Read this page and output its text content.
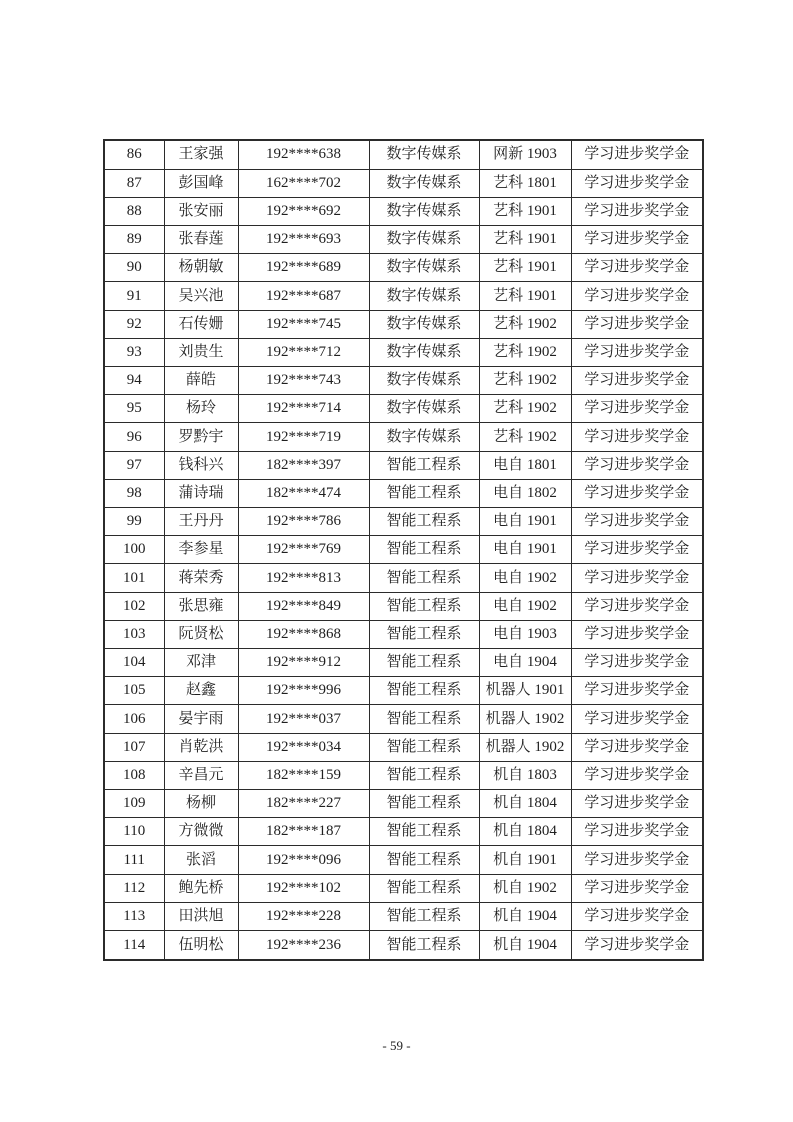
86	王家强	192****638	数字传媒系	网新 1903	学习进步奖学金
87	彭国峰	162****702	数字传媒系	艺科 1801	学习进步奖学金
88	张安丽	192****692	数字传媒系	艺科 1901	学习进步奖学金
89	张春莲	192****693	数字传媒系	艺科 1901	学习进步奖学金
90	杨朝敏	192****689	数字传媒系	艺科 1901	学习进步奖学金
91	吴兴池	192****687	数字传媒系	艺科 1901	学习进步奖学金
92	石传姗	192****745	数字传媒系	艺科 1902	学习进步奖学金
93	刘贵生	192****712	数字传媒系	艺科 1902	学习进步奖学金
94	薛皓	192****743	数字传媒系	艺科 1902	学习进步奖学金
95	杨玲	192****714	数字传媒系	艺科 1902	学习进步奖学金
96	罗黔宇	192****719	数字传媒系	艺科 1902	学习进步奖学金
97	钱科兴	182****397	智能工程系	电自 1801	学习进步奖学金
98	蒲诗瑞	182****474	智能工程系	电自 1802	学习进步奖学金
99	王丹丹	192****786	智能工程系	电自 1901	学习进步奖学金
100	李参星	192****769	智能工程系	电自 1901	学习进步奖学金
101	蒋荣秀	192****813	智能工程系	电自 1902	学习进步奖学金
102	张思雍	192****849	智能工程系	电自 1902	学习进步奖学金
103	阮贤松	192****868	智能工程系	电自 1903	学习进步奖学金
104	邓津	192****912	智能工程系	电自 1904	学习进步奖学金
105	赵鑫	192****996	智能工程系	机器人 1901	学习进步奖学金
106	晏宇雨	192****037	智能工程系	机器人 1902	学习进步奖学金
107	肖乾洪	192****034	智能工程系	机器人 1902	学习进步奖学金
108	辛昌元	182****159	智能工程系	机自 1803	学习进步奖学金
109	杨柳	182****227	智能工程系	机自 1804	学习进步奖学金
110	方微微	182****187	智能工程系	机自 1804	学习进步奖学金
111	张滔	192****096	智能工程系	机自 1901	学习进步奖学金
112	鲍先桥	192****102	智能工程系	机自 1902	学习进步奖学金
113	田洪旭	192****228	智能工程系	机自 1904	学习进步奖学金
114	伍明松	192****236	智能工程系	机自 1904	学习进步奖学金
- 59 -
